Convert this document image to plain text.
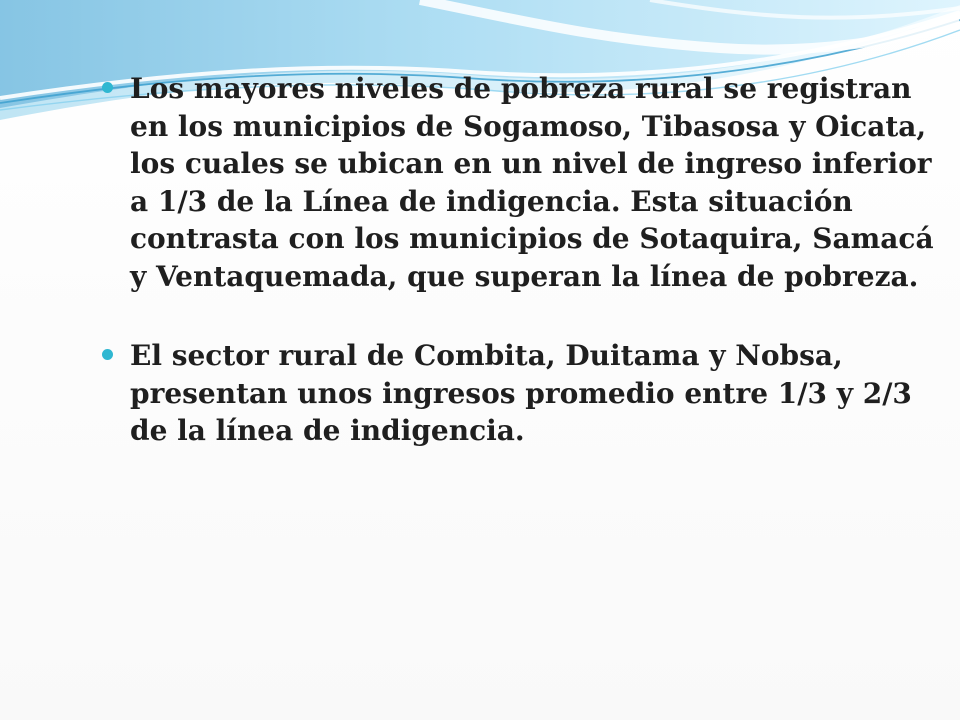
Los mayores niveles de pobreza rural se registran en los municipios de Sogamoso, Tibasosa y Oicata, los cuales se ubican en un nivel de ingreso inferior a 1/3 de la Línea de indigencia. Esta situación contrasta con los municipios de Sotaquira, Samacá y Ventaquemada, que superan la línea de pobreza.
El sector rural de Combita, Duitama y Nobsa, presentan unos ingresos promedio entre 1/3 y 2/3 de la línea de indigencia.
